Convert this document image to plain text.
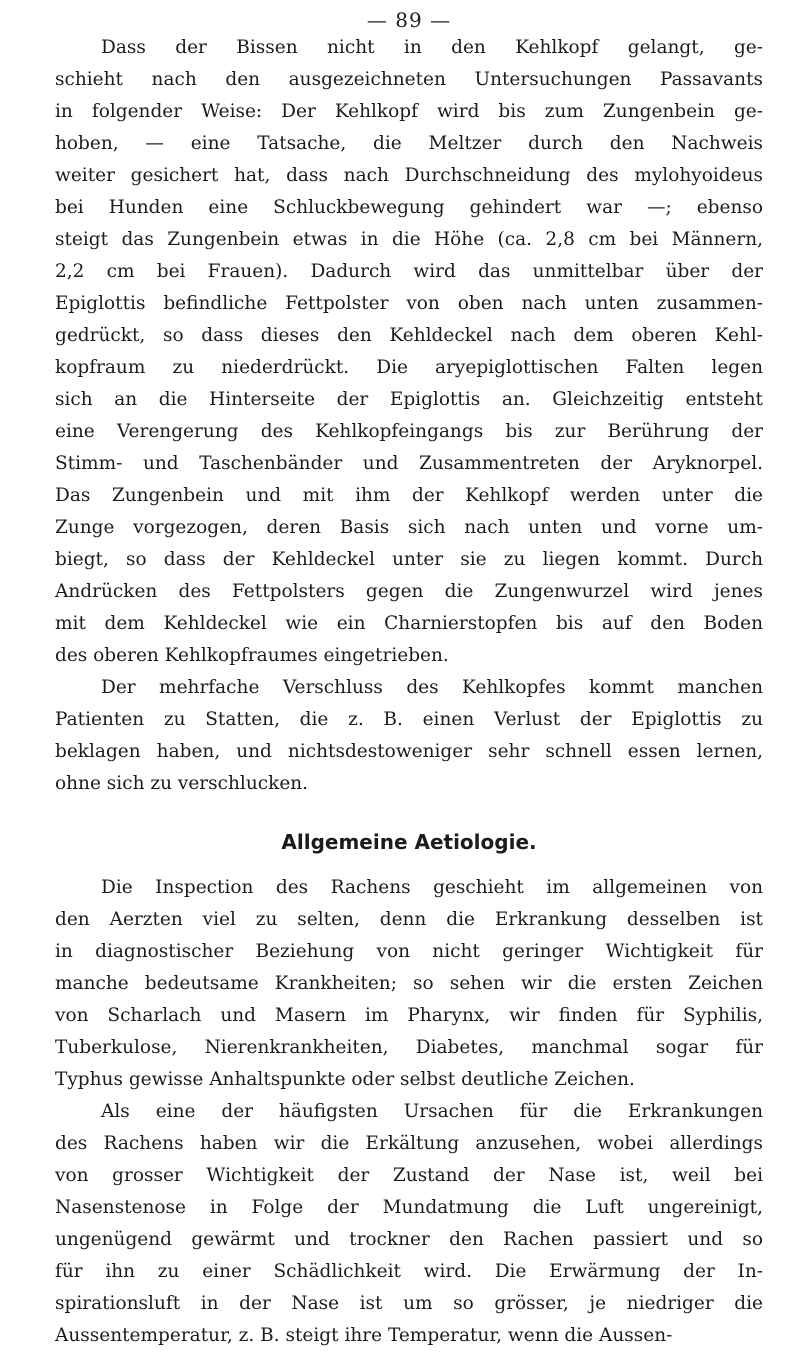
— 89 —
Dass der Bissen nicht in den Kehlkopf gelangt, ge-
schieht nach den ausgezeichneten Untersuchungen Passavants
in folgender Weise: Der Kehlkopf wird bis zum Zungenbein ge-
hoben, — eine Tatsache, die Meltzer durch den Nachweis
weiter gesichert hat, dass nach Durchschneidung des mylohyoideus
bei Hunden eine Schluckbewegung gehindert war —; ebenso
steigt das Zungenbein etwas in die Höhe (ca. 2,8 cm bei Männern,
2,2 cm bei Frauen). Dadurch wird das unmittelbar über der
Epiglottis befindliche Fettpolster von oben nach unten zusammen-
gedrückt, so dass dieses den Kehldeckel nach dem oberen Kehl-
kopfraum zu niederdrückt. Die aryepiglottischen Falten legen
sich an die Hinterseite der Epiglottis an. Gleichzeitig entsteht
eine Verengerung des Kehlkopfeingangs bis zur Berührung der
Stimm- und Taschenbänder und Zusammentreten der Aryknorpel.
Das Zungenbein und mit ihm der Kehlkopf werden unter die
Zunge vorgezogen, deren Basis sich nach unten und vorne um-
biegt, so dass der Kehldeckel unter sie zu liegen kommt. Durch
Andrücken des Fettpolsters gegen die Zungenwurzel wird jenes
mit dem Kehldeckel wie ein Charnierstopfen bis auf den Boden
des oberen Kehlkopfraumes eingetrieben.
Der mehrfache Verschluss des Kehlkopfes kommt manchen
Patienten zu Statten, die z. B. einen Verlust der Epiglottis zu
beklagen haben, und nichtsdestoweniger sehr schnell essen lernen,
ohne sich zu verschlucken.
Allgemeine Aetiologie.
Die Inspection des Rachens geschieht im allgemeinen von
den Aerzten viel zu selten, denn die Erkrankung desselben ist
in diagnostischer Beziehung von nicht geringer Wichtigkeit für
manche bedeutsame Krankheiten; so sehen wir die ersten Zeichen
von Scharlach und Masern im Pharynx, wir finden für Syphilis,
Tuberkulose, Nierenkrankheiten, Diabetes, manchmal sogar für
Typhus gewisse Anhaltspunkte oder selbst deutliche Zeichen.
Als eine der häufigsten Ursachen für die Erkrankungen
des Rachens haben wir die Erkältung anzusehen, wobei allerdings
von grosser Wichtigkeit der Zustand der Nase ist, weil bei
Nasenstenose in Folge der Mundatmung die Luft ungereinigt,
ungenügend gewärmt und trockner den Rachen passiert und so
für ihn zu einer Schädlichkeit wird. Die Erwärmung der In-
spirationsluft in der Nase ist um so grösser, je niedriger die
Aussentemperatur, z. B. steigt ihre Temperatur, wenn die Aussen-
